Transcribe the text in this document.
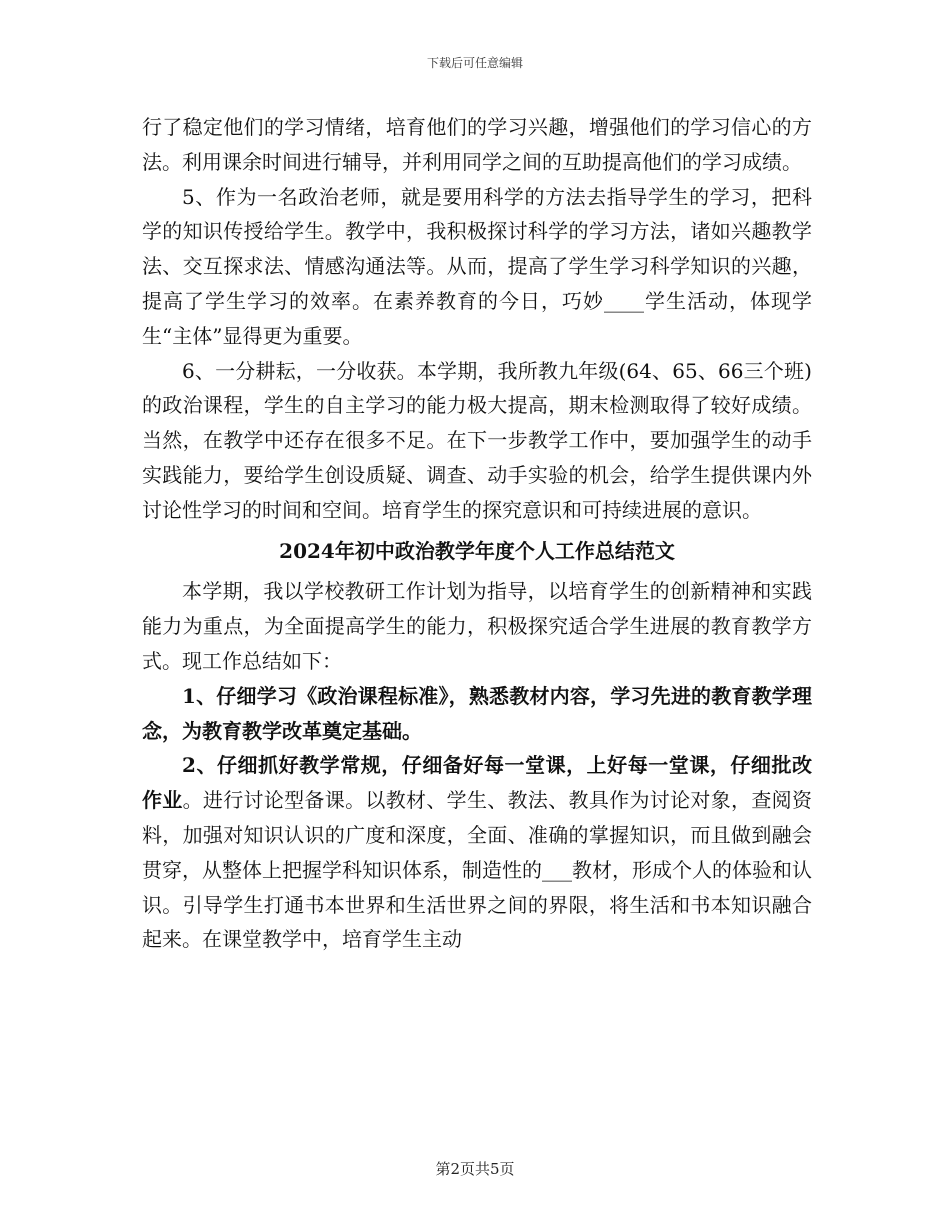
下载后可任意编辑

行了稳定他们的学习情绪，培育他们的学习兴趣，增强他们的学习信心的方法。利用课余时间进行辅导，并利用同学之间的互助提高他们的学习成绩。

5、作为一名政治老师，就是要用科学的方法去指导学生的学习，把科学的知识传授给学生。教学中，我积极探讨科学的学习方法，诸如兴趣教学法、交互探求法、情感沟通法等。从而，提高了学生学习科学知识的兴趣，提高了学生学习的效率。在素养教育的今日，巧妙____学生活动，体现学生“主体”显得更为重要。

6、一分耕耘，一分收获。本学期，我所教九年级(64、65、66三个班)的政治课程，学生的自主学习的能力极大提高，期末检测取得了较好成绩。当然，在教学中还存在很多不足。在下一步教学工作中，要加强学生的动手实践能力，要给学生创设质疑、调查、动手实验的机会，给学生提供课内外讨论性学习的时间和空间。培育学生的探究意识和可持续进展的意识。

2024年初中政治教学年度个人工作总结范文

本学期，我以学校教研工作计划为指导，以培育学生的创新精神和实践能力为重点，为全面提高学生的能力，积极探究适合学生进展的教育教学方式。现工作总结如下：

1、仔细学习《政治课程标准》，熟悉教材内容，学习先进的教育教学理念，为教育教学改革奠定基础。

2、仔细抓好教学常规，仔细备好每一堂课，上好每一堂课，仔细批改作业。进行讨论型备课。以教材、学生、教法、教具作为讨论对象，查阅资料，加强对知识认识的广度和深度，全面、准确的掌握知识，而且做到融会贯穿，从整体上把握学科知识体系，制造性的___教材，形成个人的体验和认识。引导学生打通书本世界和生活世界之间的界限，将生活和书本知识融合起来。在课堂教学中，培育学生主动

第2页共5页
